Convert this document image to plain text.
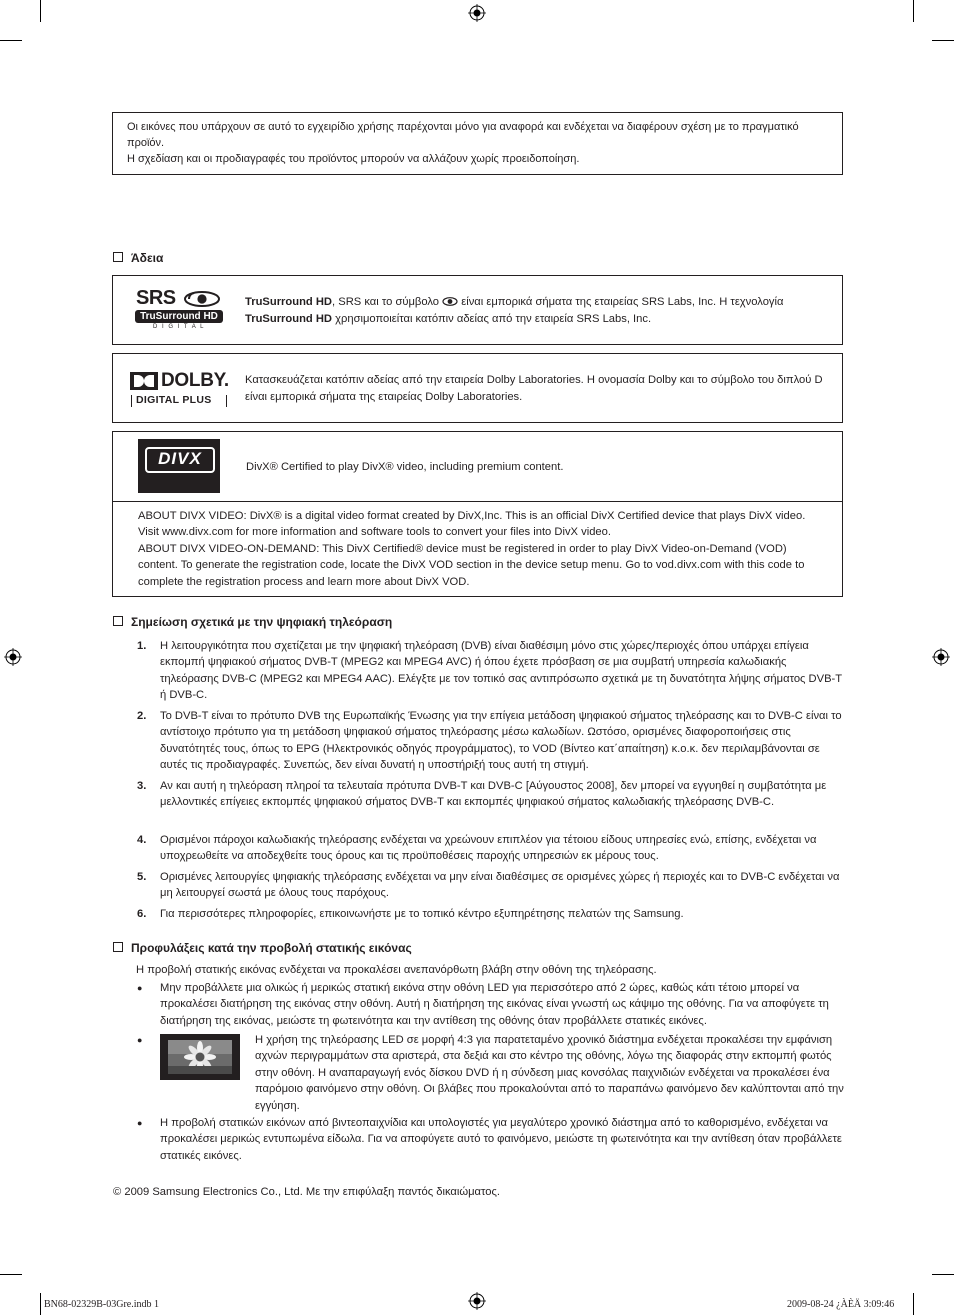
Οι εικόνες που υπάρχουν σε αυτό το εγχειρίδιο χρήσης παρέχονται μόνο για αναφορά και ενδέχεται να διαφέρουν σχέση με το πραγματικό προϊόν.
Η σχεδίαση και οι προδιαγραφές του προϊόντος μπορούν να αλλάζουν χωρίς προειδοποίηση.
Άδεια
SRS
TruSurround HD
D I G I T A L
TruSurround HD, SRS και το σύμβολο είναι εμπορικά σήματα της εταιρείας SRS Labs, Inc. Η τεχνολογία
TruSurround HD χρησιμοποιείται κατόπιν αδείας από την εταιρεία SRS Labs, Inc.
DOLBY.
DIGITAL PLUS
Κατασκευάζεται κατόπιν αδείας από την εταιρεία Dolby Laboratories. Η ονομασία Dolby και το σύμβολο του διπλού D είναι εμπορικά σήματα της εταιρείας Dolby Laboratories.
DIVX	DivX® Certified to play DivX® video, including premium content.
ABOUT DIVX VIDEO: DivX® is a digital video format created by DivX,Inc. This is an official DivX Certified device that plays DivX video. Visit www.divx.com for more information and software tools to convert your files into DivX video.
ABOUT DIVX VIDEO-ON-DEMAND: This DivX Certified® device must be registered in order to play DivX Video-on-Demand (VOD) content. To generate the registration code, locate the DivX VOD section in the device setup menu. Go to vod.divx.com with this code to complete the registration process and learn more about DivX VOD.
Σημείωση σχετικά με την ψηφιακή τηλεόραση
1. Η λειτουργικότητα που σχετίζεται με την ψηφιακή τηλεόραση (DVB) είναι διαθέσιμη μόνο στις χώρες/περιοχές όπου υπάρχει επίγεια εκπομπή ψηφιακού σήματος DVB-T (MPEG2 και MPEG4 AVC) ή όπου έχετε πρόσβαση σε μια συμβατή υπηρεσία καλωδιακής τηλεόρασης DVB-C (MPEG2 και MPEG4 AAC). Ελέγξτε με τον τοπικό σας αντιπρόσωπο σχετικά με τη δυνατότητα λήψης σήματος DVB-T ή DVB-C.
2. Το DVB-T είναι το πρότυπο DVB της Ευρωπαϊκής Ένωσης για την επίγεια μετάδοση ψηφιακού σήματος τηλεόρασης και το DVB-C είναι το αντίστοιχο πρότυπο για τη μετάδοση ψηφιακού σήματος τηλεόρασης μέσω καλωδίων. Ωστόσο, ορισμένες διαφοροποιήσεις στις δυνατότητές τους, όπως το EPG (Ηλεκτρονικός οδηγός προγράμματος), το VOD (Βίντεο κατ΄απαίτηση) κ.ο.κ. δεν περιλαμβάνονται σε αυτές τις προδιαγραφές. Συνεπώς, δεν είναι δυνατή η υποστήριξή τους αυτή τη στιγμή.
3. Αν και αυτή η τηλεόραση πληροί τα τελευταία πρότυπα DVB-T και DVB-C [Αύγουστος 2008], δεν μπορεί να εγγυηθεί η συμβατότητα με μελλοντικές επίγειες εκπομπές ψηφιακού σήματος DVB-T και εκπομπές ψηφιακού σήματος καλωδιακής τηλεόρασης DVB-C.
4. Ορισμένοι πάροχοι καλωδιακής τηλεόρασης ενδέχεται να χρεώνουν επιπλέον για τέτοιου είδους υπηρεσίες ενώ, επίσης, ενδέχεται να υποχρεωθείτε να αποδεχθείτε τους όρους και τις προϋποθέσεις παροχής υπηρεσιών εκ μέρους τους.
5. Ορισμένες λειτουργίες ψηφιακής τηλεόρασης ενδέχεται να μην είναι διαθέσιμες σε ορισμένες χώρες ή περιοχές και το DVB-C ενδέχεται να μη λειτουργεί σωστά με όλους τους παρόχους.
6. Για περισσότερες πληροφορίες, επικοινωνήστε με το τοπικό κέντρο εξυπηρέτησης πελατών της Samsung.
Προφυλάξεις κατά την προβολή στατικής εικόνας
Η προβολή στατικής εικόνας ενδέχεται να προκαλέσει ανεπανόρθωτη βλάβη στην οθόνη της τηλεόρασης.
● Μην προβάλλετε μια ολικώς ή μερικώς στατική εικόνα στην οθόνη LED για περισσότερο από 2 ώρες, καθώς κάτι τέτοιο μπορεί να προκαλέσει διατήρηση της εικόνας στην οθόνη. Αυτή η διατήρηση της εικόνας είναι γνωστή ως κάψιμο της οθόνης. Για να αποφύγετε τη διατήρηση της εικόνας, μειώστε τη φωτεινότητα και την αντίθεση της οθόνης όταν προβάλλετε στατικές εικόνες.
●	Η χρήση της τηλεόρασης LED σε μορφή 4:3 για παρατεταμένο χρονικό διάστημα ενδέχεται προκαλέσει την εμφάνιση αχνών περιγραμμάτων στα αριστερά, στα δεξιά και στο κέντρο της οθόνης, λόγω της διαφοράς στην εκπομπή φωτός στην οθόνη. Η αναπαραγωγή ενός δίσκου DVD ή η σύνδεση μιας κονσόλας παιχνιδιών ενδέχεται να προκαλέσει ένα παρόμοιο φαινόμενο στην οθόνη. Οι βλάβες που προκαλούνται από το παραπάνω φαινόμενο δεν καλύπτονται από την εγγύηση.
● Η προβολή στατικών εικόνων από βιντεοπαιχνίδια και υπολογιστές για μεγαλύτερο χρονικό διάστημα από το καθορισμένο, ενδέχεται να προκαλέσει μερικώς εντυπωμένα είδωλα. Για να αποφύγετε αυτό το φαινόμενο, μειώστε τη φωτεινότητα και την αντίθεση όταν προβάλλετε στατικές εικόνες.
© 2009 Samsung Electronics Co., Ltd. Με την επιφύλαξη παντός δικαιώματος.
BN68-02329B-03Gre.indb 1	2009-08-24 ¿ÀÈÄ 3:09:46
